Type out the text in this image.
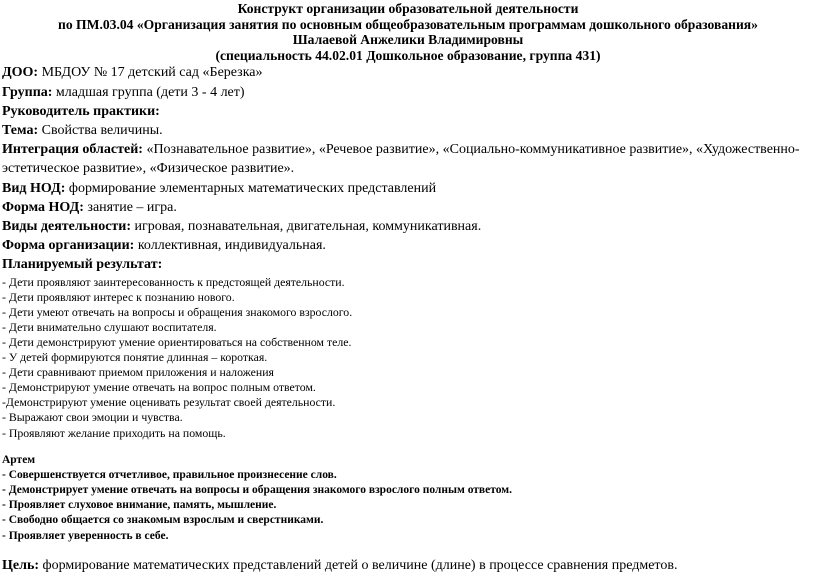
Конструкт организации образовательной деятельности
по ПМ.03.04 «Организация занятия по основным общеобразовательным программам дошкольного образования»
Шалаевой Анжелики Владимировны
(специальность 44.02.01 Дошкольное образование, группа 431)
ДОО: МБДОУ № 17 детский сад «Березка»
Группа: младшая группа (дети 3 - 4 лет)
Руководитель практики:
Тема: Свойства величины.
Интеграция областей: «Познавательное развитие», «Речевое развитие», «Социально-коммуникативное развитие», «Художественно-эстетическое развитие», «Физическое развитие».
Вид НОД: формирование элементарных математических представлений
Форма НОД: занятие – игра.
Виды деятельности: игровая, познавательная, двигательная, коммуникативная.
Форма организации: коллективная, индивидуальная.
Планируемый результат:
- Дети проявляют заинтересованность к предстоящей деятельности.
- Дети проявляют интерес к познанию нового.
- Дети умеют отвечать на вопросы и обращения знакомого взрослого.
- Дети внимательно слушают воспитателя.
- Дети демонстрируют умение ориентироваться на собственном теле.
- У детей формируются понятие длинная – короткая.
- Дети сравнивают приемом приложения и наложения
- Демонстрируют умение отвечать на вопрос полным ответом.
-Демонстрируют умение оценивать результат своей деятельности.
- Выражают свои эмоции и чувства.
- Проявляют желание приходить на помощь.
Артем
- Совершенствуется отчетливое, правильное произнесение слов.
- Демонстрирует умение отвечать на вопросы и обращения знакомого взрослого полным ответом.
- Проявляет слуховое внимание, память, мышление.
- Свободно общается со знакомым взрослым и сверстниками.
- Проявляет уверенность в себе.
Цель: формирование математических представлений детей о величине (длине) в процессе сравнения предметов.
